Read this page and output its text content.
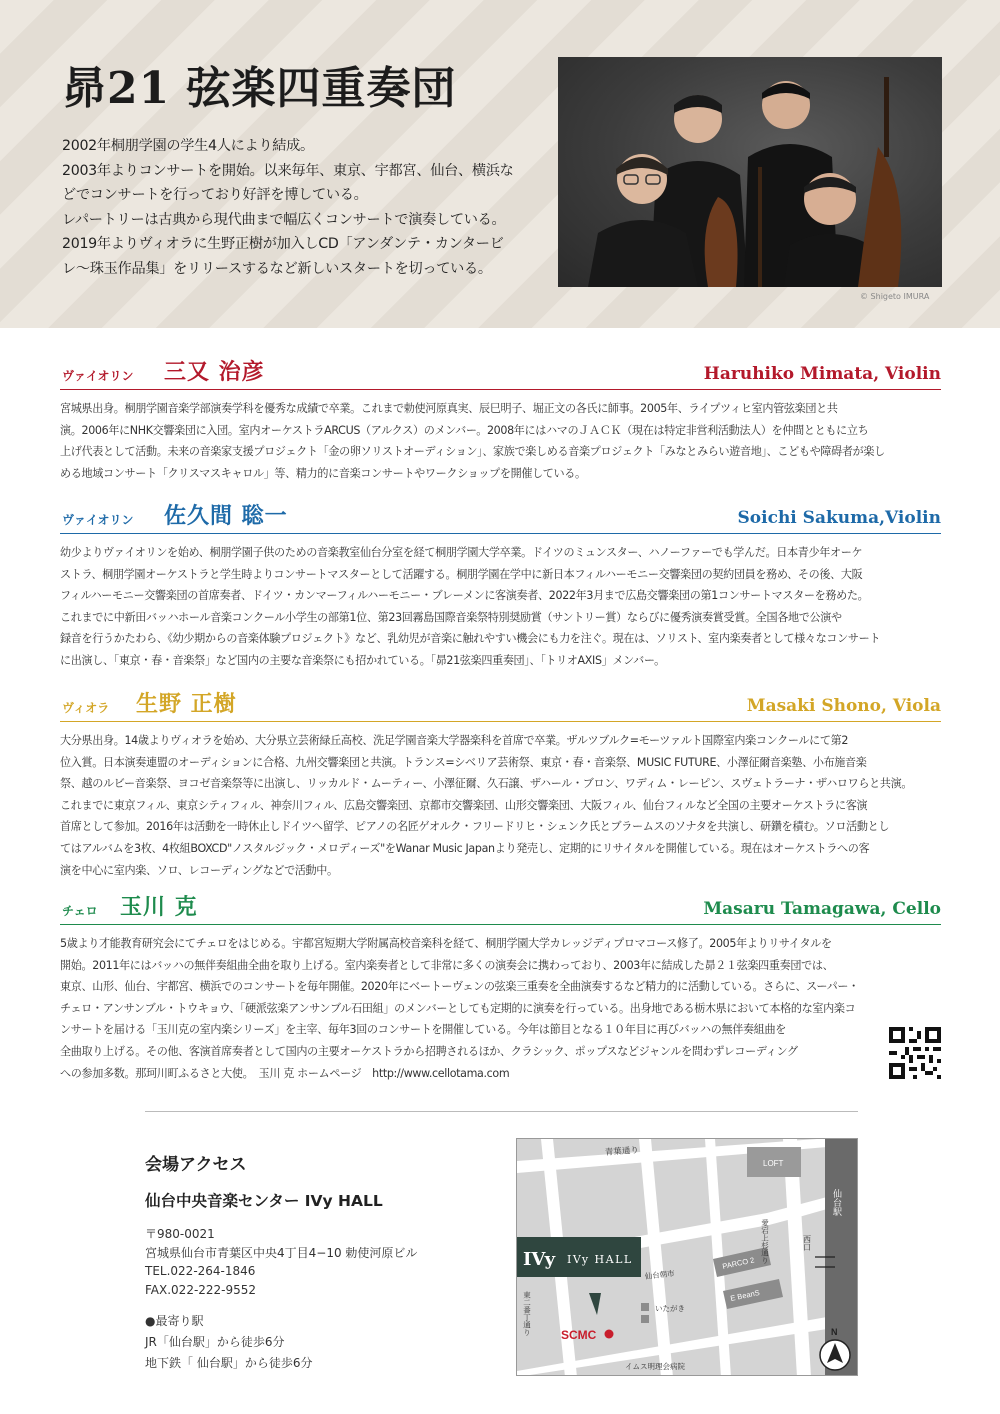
昴21 弦楽四重奏団

2002年桐朋学園の学生4人により結成。

2003年よりコンサートを開始。以来毎年、東京、宇都宮、仙台、横浜な

どでコンサートを行っており好評を博している。

レパートリーは古典から現代曲まで幅広くコンサートで演奏している。

2019年よりヴィオラに生野正樹が加入しCD「アンダンテ・カンタービ

レ～珠玉作品集」をリリースするなど新しいスタートを切っている。

© Shigeto IMURA
ヴァイオリン 三又 治彦	Haruhiko Mimata, Violin

宮城県出身。桐朋学園音楽学部演奏学科を優秀な成績で卒業。これまで勅使河原真実、辰巳明子、堀正文の各氏に師事。2005年、ライプツィヒ室内管弦楽団と共

演。2006年にNHK交響楽団に入団。室内オーケストラARCUS（アルクス）のメンバー。2008年にはハマのＪＡＣＫ（現在は特定非営利活動法人）を仲間とともに立ち

上げ代表として活動。未来の音楽家支援プロジェクト「金の卵ソリストオーディション」、家族で楽しめる音楽プロジェクト「みなとみらい遊音地」、こどもや障碍者が楽し

める地域コンサート「クリスマスキャロル」等、精力的に音楽コンサートやワークショップを開催している。

ヴァイオリン 佐久間 聡一	Soichi Sakuma,Violin

幼少よりヴァイオリンを始め、桐朋学園子供のための音楽教室仙台分室を経て桐朋学園大学卒業。ドイツのミュンスター、ハノーファーでも学んだ。日本青少年オーケ

ストラ、桐朋学園オーケストラと学生時よりコンサートマスターとして活躍する。桐朋学園在学中に新日本フィルハーモニー交響楽団の契約団員を務め、その後、大阪

フィルハーモニー交響楽団の首席奏者、ドイツ・カンマーフィルハーモニー・ブレーメンに客演奏者、2022年3月まで広島交響楽団の第1コンサートマスターを務めた。

これまでに中新田バッハホール音楽コンクール小学生の部第1位、第23回霧島国際音楽祭特別奨励賞（サントリー賞）ならびに優秀演奏賞受賞。全国各地で公演や

録音を行うかたわら、《幼少期からの音楽体験プロジェクト》など、乳幼児が音楽に触れやすい機会にも力を注ぐ。現在は、ソリスト、室内楽奏者として様々なコンサート

に出演し、「東京・春・音楽祭」など国内の主要な音楽祭にも招かれている。「昴21弦楽四重奏団」、「トリオAXIS」メンバー。

ヴィオラ 生野 正樹	Masaki Shono, Viola

大分県出身。14歳よりヴィオラを始め、大分県立芸術緑丘高校、洗足学園音楽大学器楽科を首席で卒業。ザルツブルク=モーツァルト国際室内楽コンクールにて第2

位入賞。日本演奏連盟のオーディションに合格、九州交響楽団と共演。トランス=シベリア芸術祭、東京・春・音楽祭、MUSIC FUTURE、小澤征爾音楽塾、小布施音楽

祭、越のルビー音楽祭、ヨコゼ音楽祭等に出演し、リッカルド・ムーティー、小澤征爾、久石譲、ザハール・ブロン、ワディム・レーピン、スヴェトラーナ・ザハロワらと共演。

これまでに東京フィル、東京シティフィル、神奈川フィル、広島交響楽団、京都市交響楽団、山形交響楽団、大阪フィル、仙台フィルなど全国の主要オーケストラに客演

首席として参加。2016年は活動を一時休止しドイツへ留学、ピアノの名匠ゲオルク・フリードリヒ・シェンク氏とブラームスのソナタを共演し、研鑽を積む。ソロ活動とし

てはアルバムを3枚、4枚組BOXCD"ノスタルジック・メロディーズ"をWanar Music Japanより発売し、定期的にリサイタルを開催している。現在はオーケストラへの客

演を中心に室内楽、ソロ、レコーディングなどで活動中。

チェロ 玉川 克	Masaru Tamagawa, Cello

5歳より才能教育研究会にてチェロをはじめる。宇都宮短期大学附属高校音楽科を経て、桐朋学園大学カレッジディプロマコース修了。2005年よりリサイタルを

開始。2011年にはバッハの無伴奏組曲全曲を取り上げる。室内楽奏者として非常に多くの演奏会に携わっており、2003年に結成した昴２１弦楽四重奏団では、

東京、山形、仙台、宇都宮、横浜でのコンサートを毎年開催。2020年にベートーヴェンの弦楽三重奏を全曲演奏するなど精力的に活動している。さらに、スーパー・

チェロ・アンサンブル・トウキョウ、「硬派弦楽アンサンブル石田組」のメンバーとしても定期的に演奏を行っている。出身地である栃木県において本格的な室内楽コ

ンサートを届ける「玉川克の室内楽シリーズ」を主宰、毎年3回のコンサートを開催している。今年は節目となる１０年目に再びバッハの無伴奏組曲を

全曲取り上げる。その他、客演首席奏者として国内の主要オーケストラから招聘されるほか、クラシック、ポップスなどジャンルを問わずレコーディング

への参加多数。那珂川町ふるさと大使。　玉川 克 ホームページ　http://www.cellotama.com

会場アクセス
仙台中央音楽センター IVy HALL

〒980-0021

宮城県仙台市青葉区中央4丁目4−10 勅使河原ビル

TEL.022-264-1846

FAX.022-222-9552

●最寄り駅

JR「仙台駅」から徒歩6分

地下鉄「 仙台駅」から徒歩6分

青葉通り
LOFT
仙台駅
西口
愛宕上杉通り
東二番丁通り
仙台朝市
PARCO 2
E BeanS
いたがき
イムス明理会病院
SCMC
IVy IVy HALL
N
